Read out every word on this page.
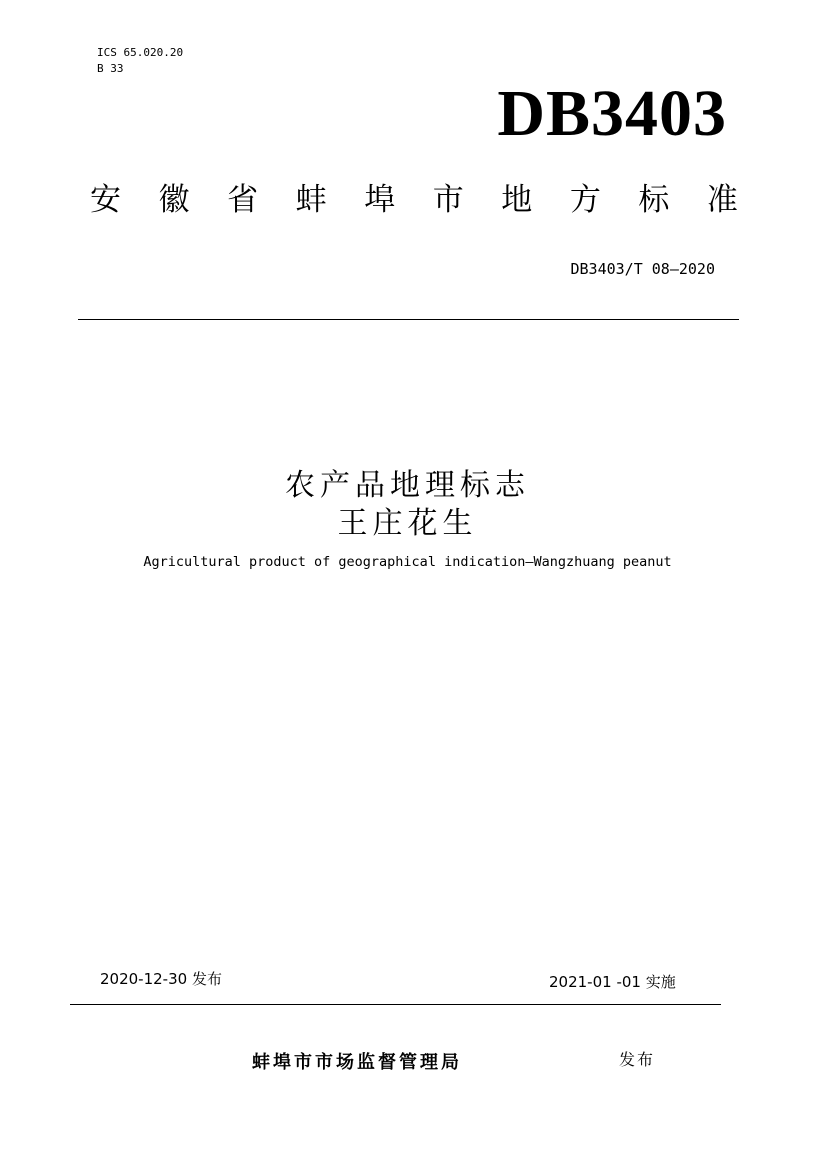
ICS 65.020.20
B 33
DB3403
安 徽 省 蚌 埠 市 地 方 标 准
DB3403/T 08—2020
农产品地理标志
王庄花生
Agricultural product of geographical indication—Wangzhuang peanut
2020-12-30 发布	2021-01 -01 实施
蚌埠市市场监督管理局	发布
